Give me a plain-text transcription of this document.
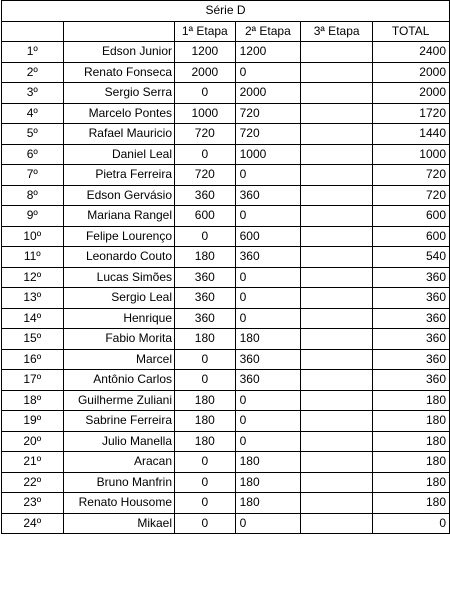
Série D					
		1ª Etapa	2ª Etapa	3ª Etapa	TOTAL
1º	Edson Junior	1200	1200		2400
2º	Renato Fonseca	2000	0		2000
3º	Sergio Serra	0	2000		2000
4º	Marcelo Pontes	1000	720		1720
5º	Rafael Mauricio	720	720		1440
6º	Daniel Leal	0	1000		1000
7º	Pietra Ferreira	720	0		720
8º	Edson Gervásio	360	360		720
9º	Mariana Rangel	600	0		600
10º	Felipe Lourenço	0	600		600
11º	Leonardo Couto	180	360		540
12º	Lucas Simões	360	0		360
13º	Sergio Leal	360	0		360
14º	Henrique	360	0		360
15º	Fabio Morita	180	180		360
16º	Marcel	0	360		360
17º	Antônio Carlos	0	360		360
18º	Guilherme Zuliani	180	0		180
19º	Sabrine Ferreira	180	0		180
20º	Julio Manella	180	0		180
21º	Aracan	0	180		180
22º	Bruno Manfrin	0	180		180
23º	Renato Housome	0	180		180
24º	Mikael	0	0		0
